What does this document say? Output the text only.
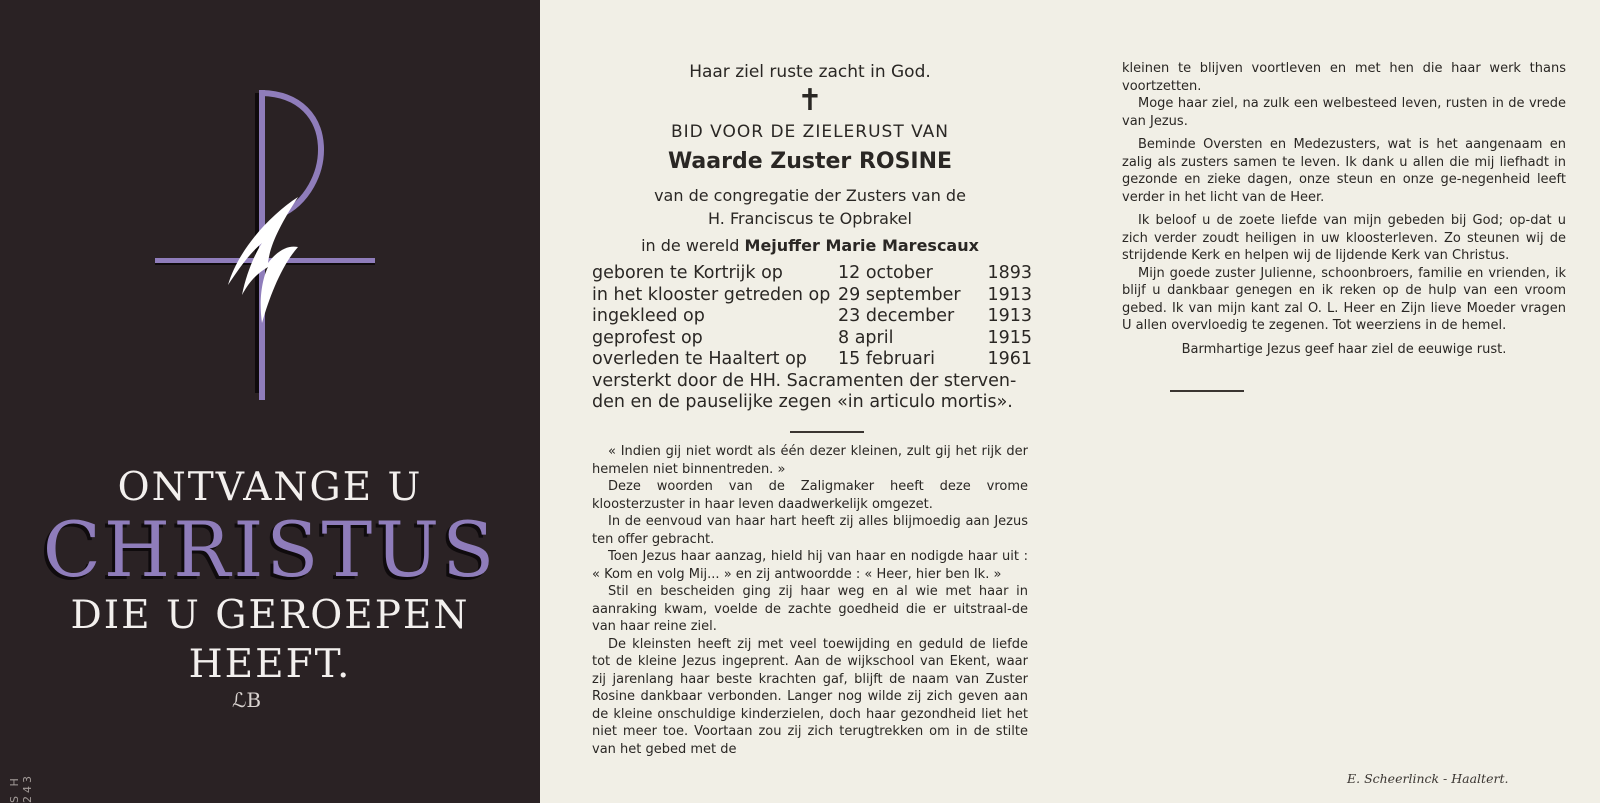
ONTVANGE U
CHRISTUS
DIE U GEROEPEN
HEEFT.
ℒB
S H 243
Haar ziel ruste zacht in God.
✝
BID VOOR DE ZIELERUST VAN
Waarde Zuster ROSINE
van de congregatie der Zusters van de
H. Franciscus te Opbrakel
in de wereld Mejuffer Marie Marescaux
geboren te Kortrijk op	12 october	1893
in het klooster getreden op 29 september	1913
ingekleed op	23 december	1913
geprofest op	8 april	1915
overleden te Haaltert op	15 februari	1961
versterkt door de HH. Sacramenten der sterven-
den en de pauselijke zegen «in articulo mortis».

« Indien gij niet wordt als één dezer kleinen, zult gij het rijk der hemelen niet binnentreden. »

Deze woorden van de Zaligmaker heeft deze vrome kloosterzuster in haar leven daadwerkelijk omgezet.

In de eenvoud van haar hart heeft zij alles blijmoedig aan Jezus ten offer gebracht.

Toen Jezus haar aanzag, hield hij van haar en nodigde haar uit : « Kom en volg Mij... » en zij antwoordde : « Heer, hier ben Ik. »

Stil en bescheiden ging zij haar weg en al wie met haar in aanraking kwam, voelde de zachte goedheid die er uitstraal-de van haar reine ziel.

De kleinsten heeft zij met veel toewijding en geduld de liefde tot de kleine Jezus ingeprent. Aan de wijkschool van Ekent, waar zij jarenlang haar beste krachten gaf, blijft de naam van Zuster Rosine dankbaar verbonden. Langer nog wilde zij zich geven aan de kleine onschuldige kinderzielen, doch haar gezondheid liet het niet meer toe. Voortaan zou zij zich terugtrekken om in de stilte van het gebed met de

kleinen te blijven voortleven en met hen die haar werk thans voortzetten.

Moge haar ziel, na zulk een welbesteed leven, rusten in de vrede van Jezus.

Beminde Oversten en Medezusters, wat is het aangenaam en zalig als zusters samen te leven. Ik dank u allen die mij liefhadt in gezonde en zieke dagen, onze steun en onze ge-negenheid leeft verder in het licht van de Heer.

Ik beloof u de zoete liefde van mijn gebeden bij God; op-dat u zich verder zoudt heiligen in uw kloosterleven. Zo steunen wij de strijdende Kerk en helpen wij de lijdende Kerk van Christus.

Mijn goede zuster Julienne, schoonbroers, familie en vrienden, ik blijf u dankbaar genegen en ik reken op de hulp van een vroom gebed. Ik van mijn kant zal O. L. Heer en Zijn lieve Moeder vragen U allen overvloedig te zegenen. Tot weerziens in de hemel.

Barmhartige Jezus geef haar ziel de eeuwige rust.

E. Scheerlinck - Haaltert.
